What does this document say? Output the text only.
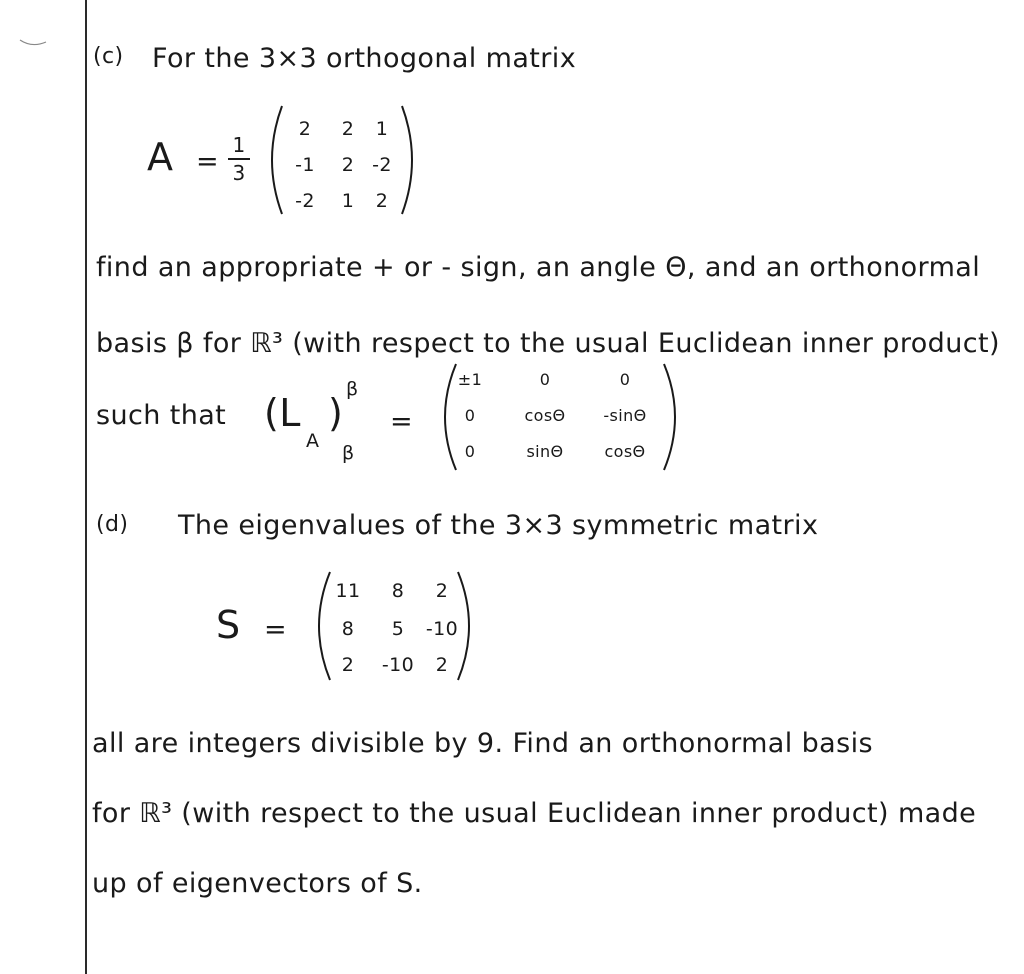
(c) For the 3×3 orthogonal matrix
A =
1
3
2 2 1
-1 2 -2
-2 1 2
find an appropriate + or - sign, an angle Θ, and an orthonormal
basis β for ℝ³ (with respect to the usual Euclidean inner product)
such that (L
A
)
β
β
=
±1	0	0
0	cosΘ -sinΘ
0	sinΘ	cosΘ
(d) The eigenvalues of the 3×3 symmetric matrix
S =
11 8 2
8 5 -10
2 -10 2
all are integers divisible by 9. Find an orthonormal basis
for ℝ³ (with respect to the usual Euclidean inner product) made
up of eigenvectors of S.
